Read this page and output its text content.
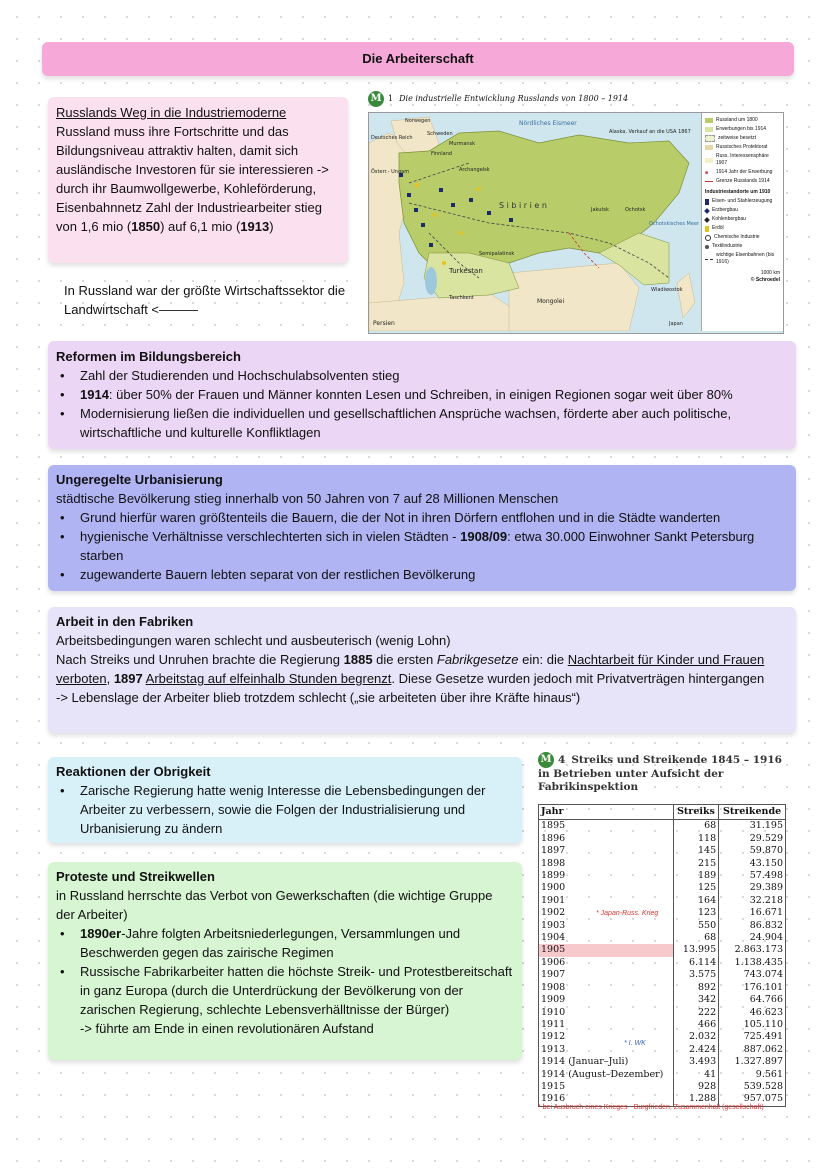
Die Arbeiterschaft
Russlands Weg in die Industriemoderne
Russland muss ihre Fortschritte und das Bildungsniveau attraktiv halten, damit sich ausländische Investoren für sie interessieren -> durch ihr Baumwollgewerbe, Kohleförderung, Eisenbahnnetz Zahl der Industriearbeiter stieg von 1,6 mio (1850) auf 6,1 mio (1913)
In Russland war der größte Wirtschaftssektor die Landwirtschaft <———
M 1 Die industrielle Entwicklung Russlands von 1800 – 1914
Nördliches Eismeer
Alaska, Verkauf an die USA 1867
Norwegen
Schweden
Finnland
Murmansk
Deutsches Reich
Österr.- Ungarn	Archangelsk
Turkestan
Persien
Mongolei
S i b i r i e n
Japan
Taschkent
Jakutsk	Ochotsk
Wladiwostok
Semipalatinsk
Ochotskisches Meer
Russland um 1800
Erwerbungen bis 1914
zeitweise besetzt
Russisches Protektorat
Russ. Interessensphäre 1907
■	1914 Jahr der Erwerbung
Grenze Russlands 1914
Industriestandorte um 1910
Eisen- und Stahlerzeugung
Erzbergbau
Kohlenbergbau
Erdöl
Chemische Industrie
Textilindustrie
wichtige Eisenbahnen (bis 1916)
1000 km
© Schroedel
Reformen im Bildungsbereich
• Zahl der Studierenden und Hochschulabsolventen stieg
• 1914: über 50% der Frauen und Männer konnten Lesen und Schreiben, in einigen Regionen sogar weit über 80%
• Modernisierung ließen die individuellen und gesellschaftlichen Ansprüche wachsen, förderte aber auch politische, wirtschaftliche und kulturelle Konfliktlagen
Ungeregelte Urbanisierung
städtische Bevölkerung stieg innerhalb von 50 Jahren von 7 auf 28 Millionen Menschen
• Grund hierfür waren größtenteils die Bauern, die der Not in ihren Dörfern entflohen und in die Städte wanderten
• hygienische Verhältnisse verschlechterten sich in vielen Städten - 1908/09: etwa 30.000 Einwohner Sankt Petersburg starben
• zugewanderte Bauern lebten separat von der restlichen Bevölkerung
Arbeit in den Fabriken
Arbeitsbedingungen waren schlecht und ausbeuterisch (wenig Lohn)
Nach Streiks und Unruhen brachte die Regierung 1885 die ersten Fabrikgesetze ein: die Nachtarbeit für Kinder und Frauen verboten, 1897 Arbeitstag auf elfeinhalb Stunden begrenzt. Diese Gesetze wurden jedoch mit Privatverträgen hintergangen
-> Lebenslage der Arbeiter blieb trotzdem schlecht („sie arbeiteten über ihre Kräfte hinaus“)
Reaktionen der Obrigkeit
• Zarische Regierung hatte wenig Interesse die Lebensbedingungen der Arbeiter zu verbessern, sowie die Folgen der Industrialisierung und Urbanisierung zu ändern
Proteste und Streikwellen
in Russland herrschte das Verbot von Gewerkschaften (die wichtige Gruppe der Arbeiter)
• 1890er-Jahre folgten Arbeitsniederlegungen, Versammlungen und Beschwerden gegen das zairische Regimen
• Russische Fabrikarbeiter hatten die höchste Streik- und Protestbereitschaft in ganz Europa (durch die Unterdrückung der Bevölkerung von der zarischen Regierung, schlechte Lebensverhälltnisse der Bürger)
-> führte am Ende in einen revolutionären Aufstand
M 4 Streiks und Streikende 1845 – 1916 in Betrieben unter Aufsicht der Fabrikinspektion
Jahr	Streiks	Streikende
1895	68	31.195
1896	118	29.529
1897	145	59.870
1898	215	43.150
1899	189	57.498
1900	125	29.389
1901	164	32.218
1902	123	16.671
1903	550	86.832
1904	68	24.904
1905	13.995	2.863.173
1906	6.114	1.138.435
1907	3.575	743.074
1908	892	176.101
1909	342	64.766
1910	222	46.623
1911	466	105.110
1912	2.032	725.491
1913	2.424	887.062
1914 (Januar–Juli)	3.493	1.327.897
1914 (August–Dezember)	41	9.561
1915	928	539.528
1916	1.288	957.075
* Japan-Russ. Krieg
* I. WK
* bei Ausbruch eines Krieges - Burgfrieden, Zusammenhalt (gesellschaft)
